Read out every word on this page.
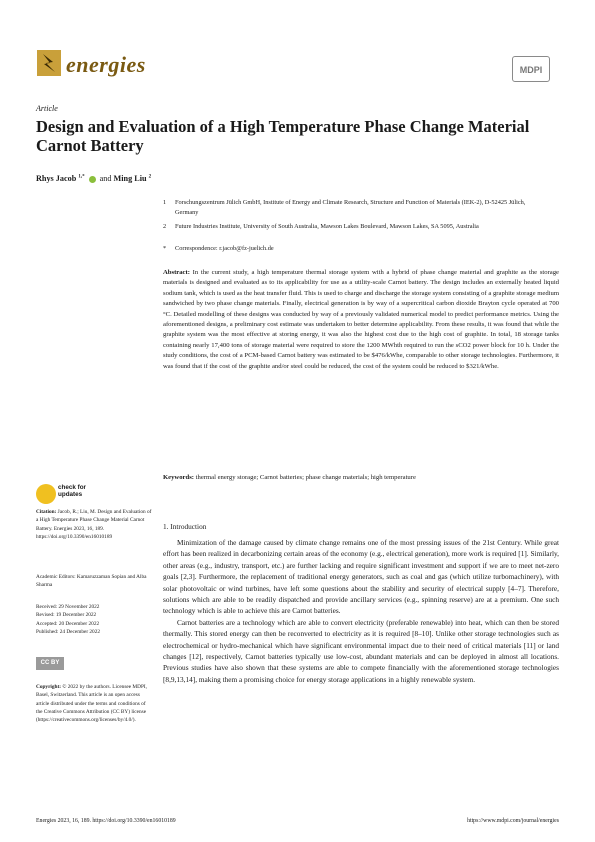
energies	MDPI
Article
Design and Evaluation of a High Temperature Phase Change Material Carnot Battery
Rhys Jacob $^{1,*}$ and Ming Liu $^2$
1 Forschungszentrum Jülich GmbH, Institute of Energy and Climate Research, Structure and Function of Materials (IEK-2), D-52425 Jülich, Germany
2 Future Industries Institute, University of South Australia, Mawson Lakes Boulevard, Mawson Lakes, SA 5095, Australia
* Correspondence: r.jacob@fz-juelich.de
Abstract: In the current study, a high temperature thermal storage system with a hybrid of phase change material and graphite as the storage materials is designed and evaluated as to its applicability for use as a utility-scale Carnot battery. The design includes an externally heated liquid sodium tank, which is used as the heat transfer fluid. This is used to charge and discharge the storage system consisting of a graphite storage medium sandwiched by two phase change materials. Finally, electrical generation is by way of a supercritical carbon dioxide Brayton cycle operated at 700 °C. Detailed modelling of these designs was conducted by way of a previously validated numerical model to predict performance metrics. Using the aforementioned designs, a preliminary cost estimate was undertaken to better determine applicability. From these results, it was found that while the graphite system was the most effective at storing energy, it was also the highest cost due to the high cost of graphite. In total, 18 storage tanks containing nearly 17,400 tons of storage material were required to store the 1200 MWhth required to run the sCO2 power block for 10 h. Under the study conditions, the cost of a PCM-based Carnot battery was estimated to be $476/kWhe, comparable to other storage technologies. Furthermore, it was found that if the cost of the graphite and/or steel could be reduced, the cost of the system could be reduced to $321/kWhe.
Keywords: thermal energy storage; Carnot batteries; phase change materials; high temperature
check for
updates
Citation: Jacob, R.; Liu, M. Design and Evaluation of a High Temperature Phase Change Material Carnot Battery. Energies 2023, 16, 189. https://doi.org/10.3390/en16010189
Academic Editors: Kamaruzzaman Sopian and Alba Sharma
Received: 29 November 2022
Revised: 19 December 2022
Accepted: 20 December 2022
Published: 24 December 2022
CC BY
Copyright: © 2022 by the authors. Licensee MDPI, Basel, Switzerland. This article is an open access article distributed under the terms and conditions of the Creative Commons Attribution (CC BY) license (https://creativecommons.org/licenses/by/4.0/).
1. Introduction

Minimization of the damage caused by climate change remains one of the most pressing issues of the 21st Century. While great effort has been realized in decarbonizing certain areas of the economy (e.g., electrical generation), more work is required [1]. Similarly, other areas (e.g., industry, transport, etc.) are further lacking and require significant investment and support if we are to meet net-zero goals [2,3]. Furthermore, the replacement of traditional energy generators, such as coal and gas (which utilize turbomachinery), with solar photovoltaic or wind turbines, have left some questions about the stability and security of electrical supply [4–7]. Therefore, solutions which are able to be readily dispatched and provide ancillary services (e.g., spinning reserve) are at a premium. One such technology which is able to achieve this are Carnot batteries.

Carnot batteries are a technology which are able to convert electricity (preferable renewable) into heat, which can then be stored thermally. This stored energy can then be reconverted to electricity as it is required [8–10]. Unlike other storage technologies such as electrochemical or hydro-mechanical which have significant environmental impact due to their need of critical materials [11] or land changes [12], respectively, Carnot batteries typically use low-cost, abundant materials and can be deployed in almost all locations. Previous studies have also shown that these systems are able to compete financially with the aforementioned storage technologies [8,9,13,14], making them a promising choice for energy storage applications in a highly renewable system.

Energies 2023, 16, 189. https://doi.org/10.3390/en16010189	https://www.mdpi.com/journal/energies
